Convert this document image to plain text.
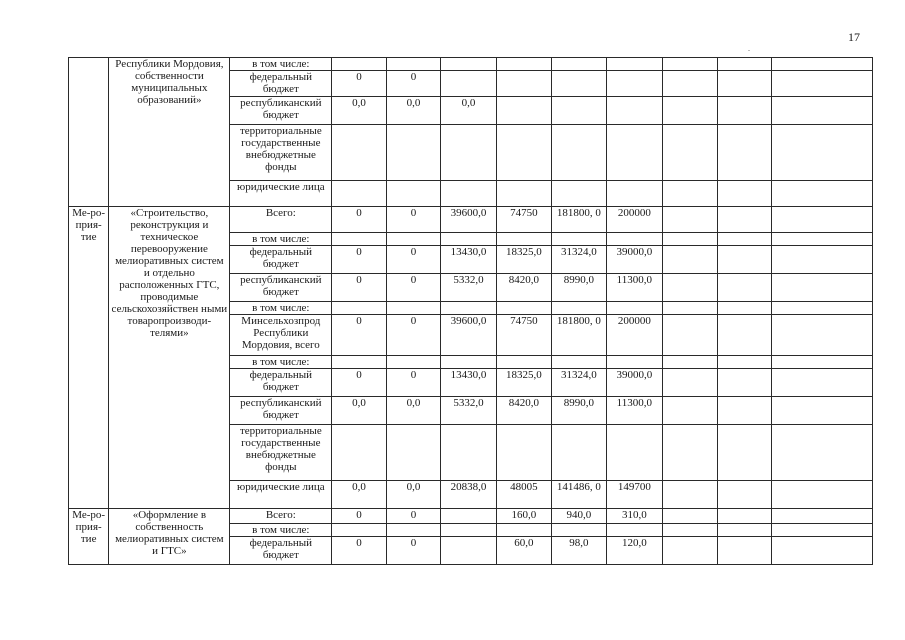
17
.
	Республики Мордовия, собственности муниципальных образований»	в том числе:									
		федеральный бюджет	0	0							
		республиканский бюджет	0,0	0,0	0,0						
		территориальные государственные внебюджетные фонды									
		юридические лица									
Ме-ро-прия-тие	«Строительство, реконструкция и техническое перевооружение мелиоративных систем и отдельно расположенных ГТС, проводимые сельскохозяйствен ными товаропроизводи-телями»	Всего:	0	0	39600,0	74750	181800, 0	200000			
		в том числе:									
		федеральный бюджет	0	0	13430,0	18325,0	31324,0	39000,0			
		республиканский бюджет	0	0	5332,0	8420,0	8990,0	11300,0			
		в том числе:									
		Минсельхозпрод Республики Мордовия, всего	0	0	39600,0	74750	181800, 0	200000			
		в том числе:									
		федеральный бюджет	0	0	13430,0	18325,0	31324,0	39000,0			
		республиканский бюджет	0,0	0,0	5332,0	8420,0	8990,0	11300,0			
		территориальные государственные внебюджетные фонды									
		юридические лица	0,0	0,0	20838,0	48005	141486, 0	149700			
Ме-ро-прия-тие	«Оформление в собственность мелиоративных систем и ГТС»	Всего:	0	0		160,0	940,0	310,0			
		в том числе:									
		федеральный бюджет	0	0		60,0	98,0	120,0			
